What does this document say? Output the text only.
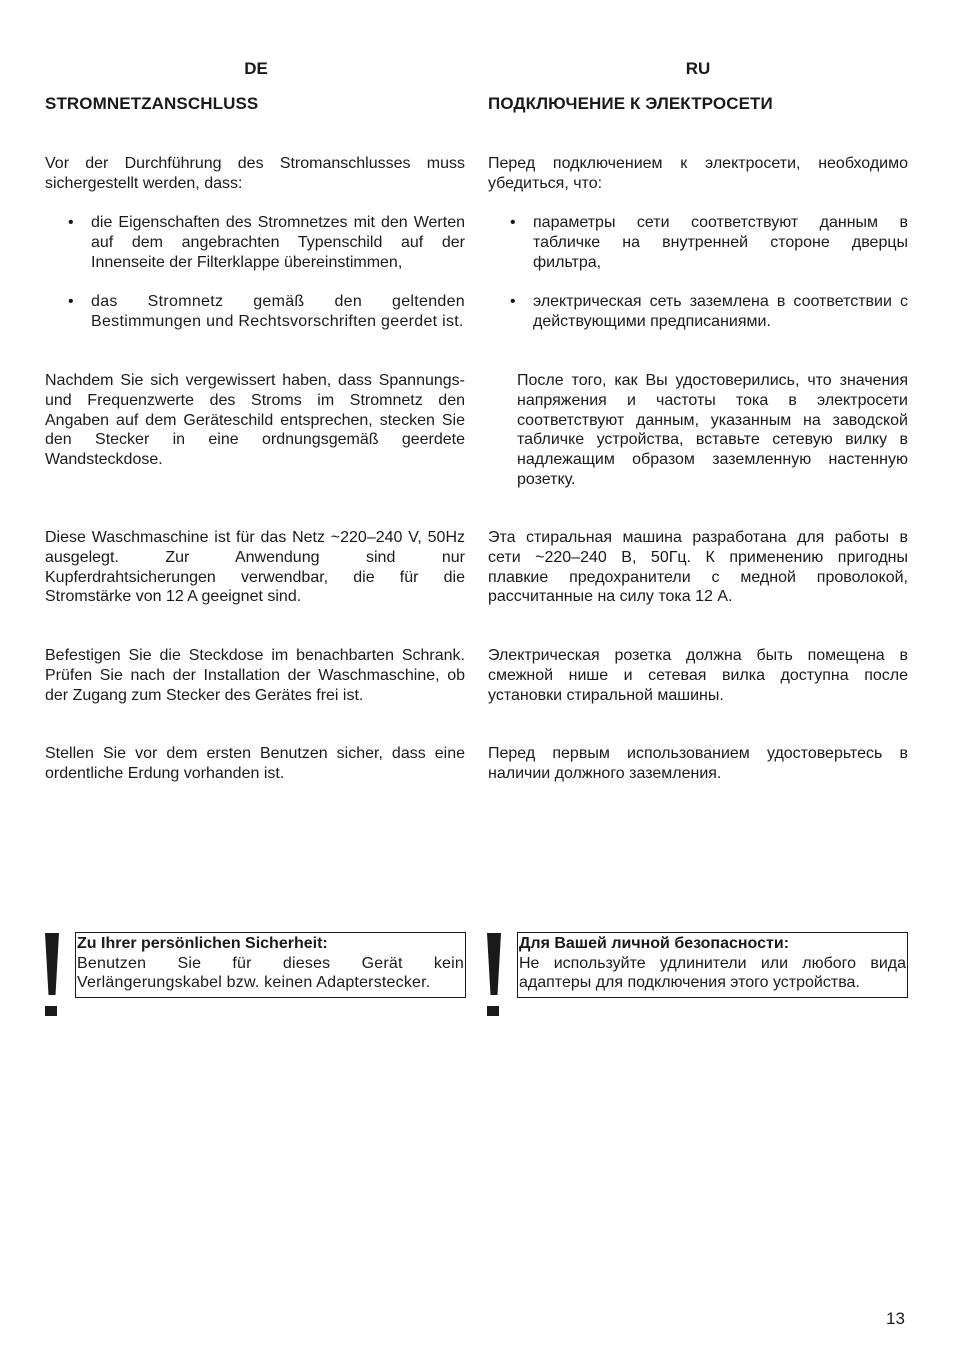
DE
STROMNETZANSCHLUSS
Vor der Durchführung des Stromanschlusses muss sichergestellt werden, dass:
• die Eigenschaften des Stromnetzes mit den Werten auf dem angebrachten Typenschild auf der Innenseite der Filterklappe übereinstimmen,
• das Stromnetz gemäß den geltenden Bestimmungen und Rechtsvorschriften geerdet ist.
Nachdem Sie sich vergewissert haben, dass Spannungs- und Frequenzwerte des Stroms im Stromnetz den Angaben auf dem Geräteschild entsprechen, stecken Sie den Stecker in eine ordnungsgemäß geerdete Wandsteckdose.
Diese Waschmaschine ist für das Netz ~220–240 V, 50Hz ausgelegt. Zur Anwendung sind nur Kupferdrahtsicherungen verwendbar, die für die Stromstärke von 12 A geeignet sind.
Befestigen Sie die Steckdose im benachbarten Schrank. Prüfen Sie nach der Installation der Waschmaschine, ob der Zugang zum Stecker des Gerätes frei ist.
Stellen Sie vor dem ersten Benutzen sicher, dass eine ordentliche Erdung vorhanden ist.
Zu Ihrer persönlichen Sicherheit:
Benutzen Sie für dieses Gerät kein Verlängerungskabel bzw. keinen Adapterstecker.
RU
ПОДКЛЮЧЕНИЕ К ЭЛЕКТРОСЕТИ
Перед подключением к электросети, необходимо убедиться, что:
• параметры сети соответствуют данным в табличке на внутренней стороне дверцы фильтра,
• электрическая сеть заземлена в соответствии с действующими предписаниями.
После того, как Вы удостоверились, что значения напряжения и частоты тока в электросети соответствуют данным, указанным на заводской табличке устройства, вставьте сетевую вилку в надлежащим образом заземленную настенную розетку.
Эта стиральная машина разработана для работы в сети ~220–240 В, 50Гц. К применению пригодны плавкие предохранители с медной проволокой, рассчитанные на силу тока 12 А.
Электрическая розетка должна быть помещена в смежной нише и сетевая вилка доступна после установки стиральной машины.
Перед первым использованием удостоверьтесь в наличии должного заземления.
Для Вашей личной безопасности:
Не используйте удлинители или любого вида адаптеры для подключения этого устройства.
13
